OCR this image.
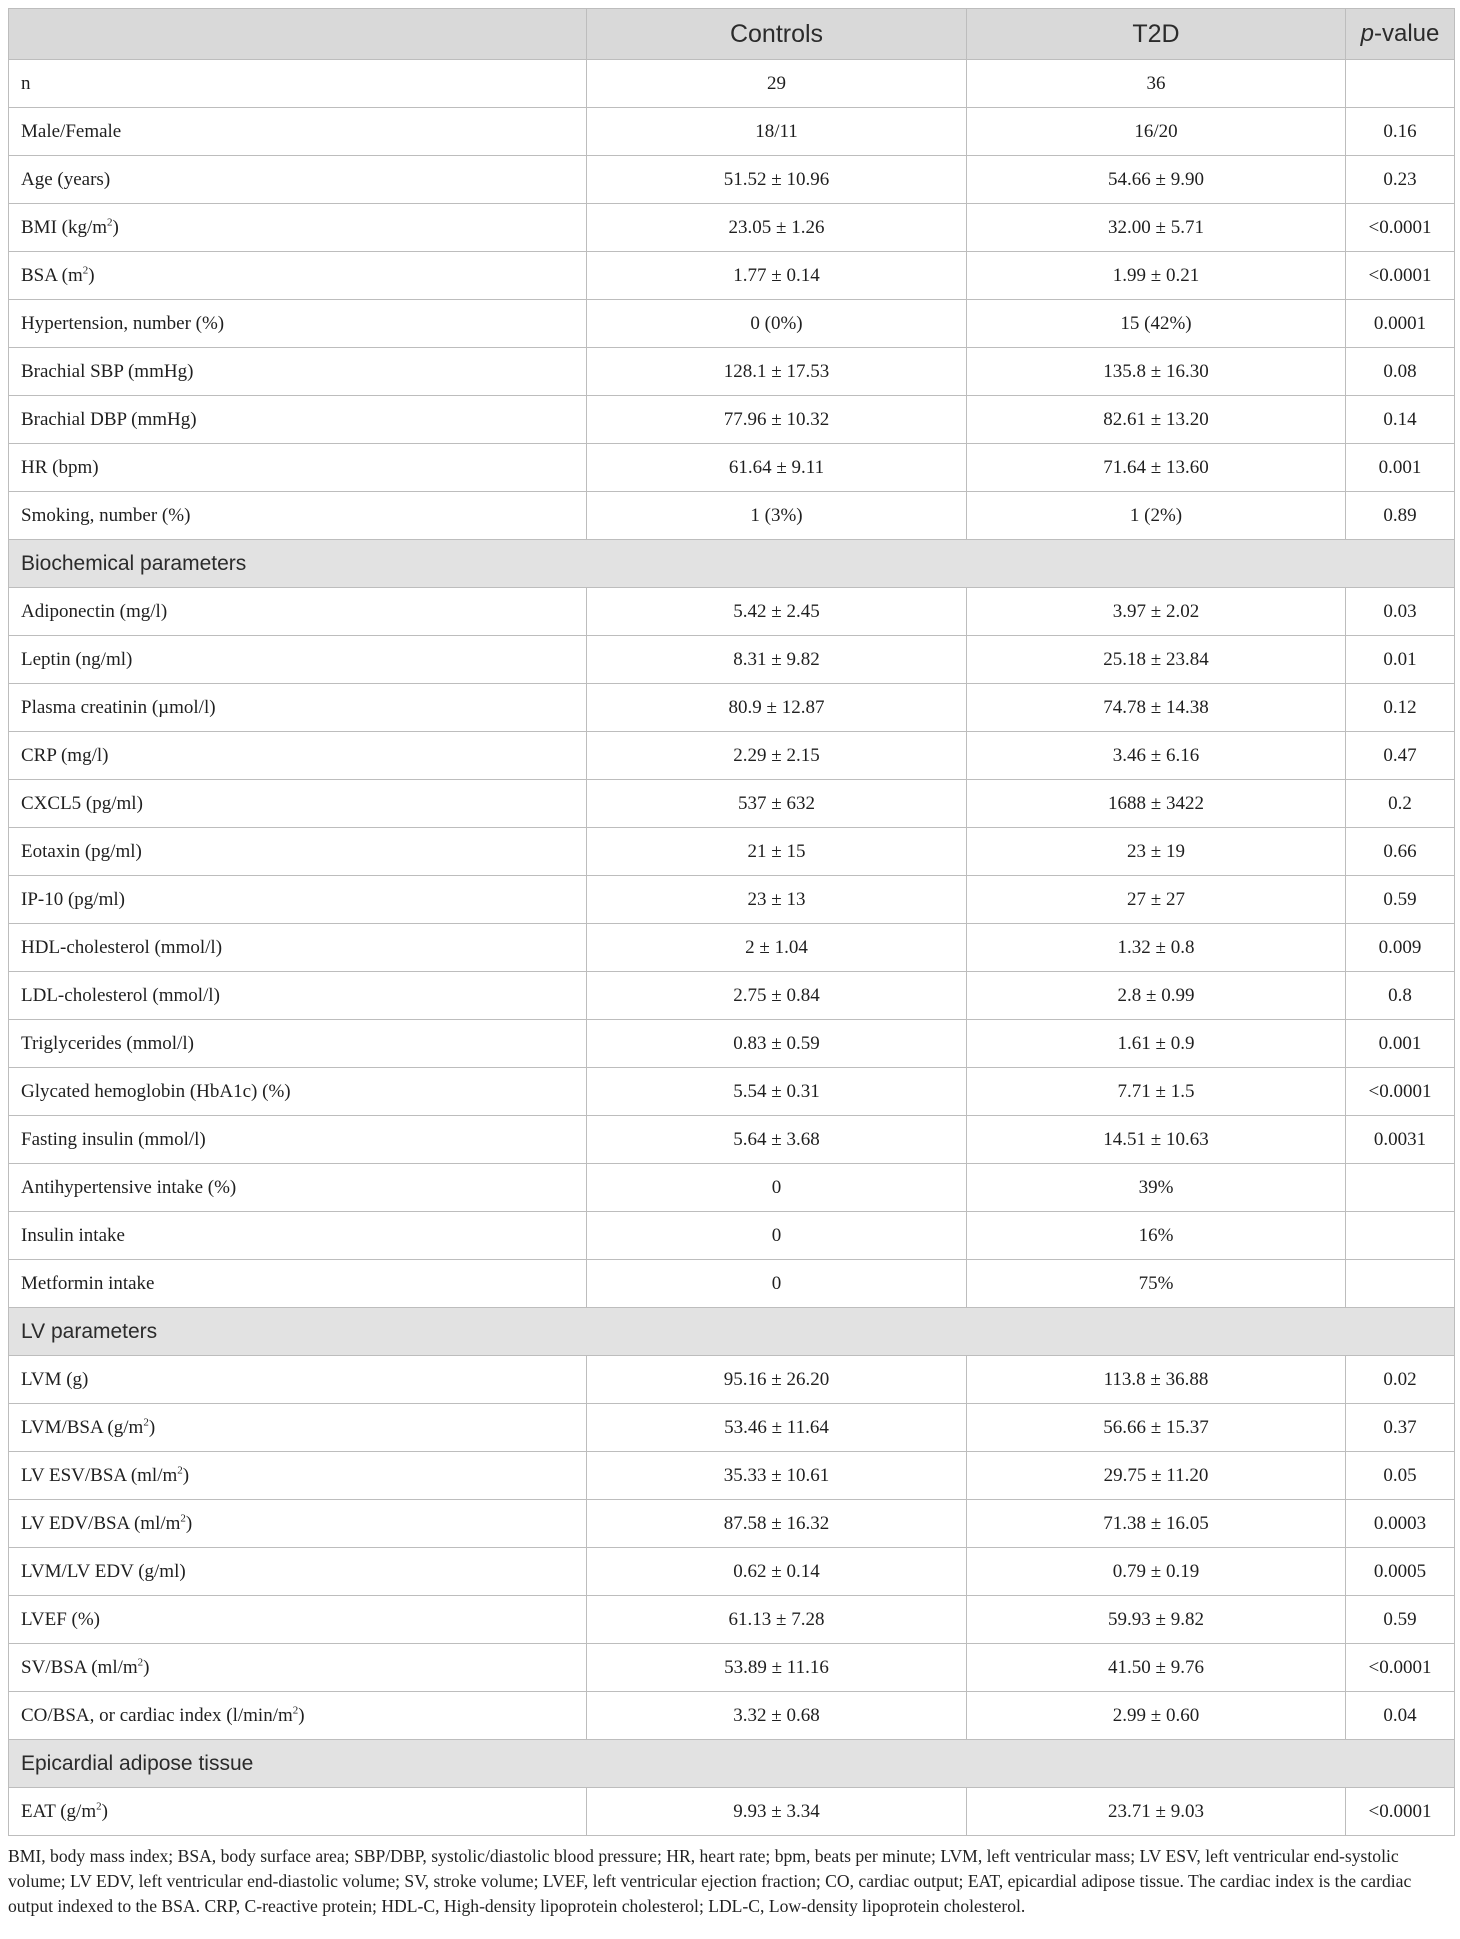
	Controls	T2D	p-value
n	29	36	
Male/Female	18/11	16/20	0.16
Age (years)	51.52 ± 10.96	54.66 ± 9.90	0.23
BMI $(kg/m^2)$	23.05 ± 1.26	32.00 ± 5.71	<0.0001
BSA $(m^2)$	1.77 ± 0.14	1.99 ± 0.21	<0.0001
Hypertension, number (%)	0 (0%)	15 (42%)	0.0001
Brachial SBP (mmHg)	128.1 ± 17.53	135.8 ± 16.30	0.08
Brachial DBP (mmHg)	77.96 ± 10.32	82.61 ± 13.20	0.14
HR (bpm)	61.64 ± 9.11	71.64 ± 13.60	0.001
Smoking, number (%)	1 (3%)	1 (2%)	0.89
Biochemical parameters			
Adiponectin (mg/l)	5.42 ± 2.45	3.97 ± 2.02	0.03
Leptin (ng/ml)	8.31 ± 9.82	25.18 ± 23.84	0.01
Plasma creatinin (µmol/l)	80.9 ± 12.87	74.78 ± 14.38	0.12
CRP (mg/l)	2.29 ± 2.15	3.46 ± 6.16	0.47
CXCL5 (pg/ml)	537 ± 632	1688 ± 3422	0.2
Eotaxin (pg/ml)	21 ± 15	23 ± 19	0.66
IP-10 (pg/ml)	23 ± 13	27 ± 27	0.59
HDL-cholesterol (mmol/l)	2 ± 1.04	1.32 ± 0.8	0.009
LDL-cholesterol (mmol/l)	2.75 ± 0.84	2.8 ± 0.99	0.8
Triglycerides (mmol/l)	0.83 ± 0.59	1.61 ± 0.9	0.001
Glycated hemoglobin (HbA1c) (%)	5.54 ± 0.31	7.71 ± 1.5	<0.0001
Fasting insulin (mmol/l)	5.64 ± 3.68	14.51 ± 10.63	0.0031
Antihypertensive intake (%)	0	39%	
Insulin intake	0	16%	
Metformin intake	0	75%	
LV parameters			
LVM (g)	95.16 ± 26.20	113.8 ± 36.88	0.02
LVM/BSA $(g/m^2)$	53.46 ± 11.64	56.66 ± 15.37	0.37
LV ESV/BSA $(ml/m^2)$	35.33 ± 10.61	29.75 ± 11.20	0.05
LV EDV/BSA $(ml/m^2)$	87.58 ± 16.32	71.38 ± 16.05	0.0003
LVM/LV EDV (g/ml)	0.62 ± 0.14	0.79 ± 0.19	0.0005
LVEF (%)	61.13 ± 7.28	59.93 ± 9.82	0.59
SV/BSA $(ml/m^2)$	53.89 ± 11.16	41.50 ± 9.76	<0.0001
CO/BSA, or cardiac index $(l/\min/m^2)$	3.32 ± 0.68	2.99 ± 0.60	0.04
Epicardial adipose tissue			
EAT $(g/m^2)$	9.93 ± 3.34	23.71 ± 9.03	<0.0001
BMI, body mass index; BSA, body surface area; SBP/DBP, systolic/diastolic blood pressure; HR, heart rate; bpm, beats per minute; LVM, left ventricular mass; LV ESV, left ventricular end-systolic volume; LV EDV, left ventricular end-diastolic volume; SV, stroke volume; LVEF, left ventricular ejection fraction; CO, cardiac output; EAT, epicardial adipose tissue. The cardiac index is the cardiac output indexed to the BSA. CRP, C-reactive protein; HDL-C, High-density lipoprotein cholesterol; LDL-C, Low-density lipoprotein cholesterol.
